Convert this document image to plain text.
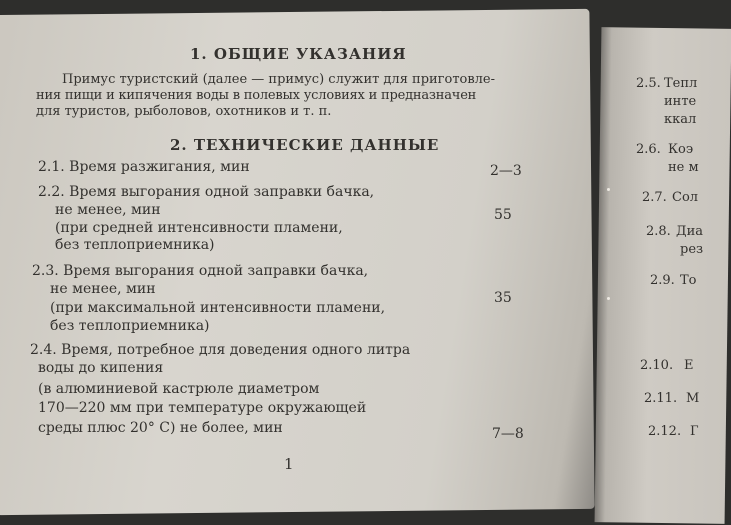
1. ОБЩИЕ УКАЗАНИЯ
Примус туристский (далее — примус) служит для приготовле-
ния пищи и кипячения воды в полевых условиях и предназначен
для туристов, рыболовов, охотников и т. п.
2. ТЕХНИЧЕСКИЕ ДАННЫЕ
2.1. Время разжигания, мин	2—3
2.2. Время выгорания одной заправки бачка,
не менее, мин
(при средней интенсивности пламени,
без теплоприемника)
55
2.3. Время выгорания одной заправки бачка,
не менее, мин
(при максимальной интенсивности пламени,
без теплоприемника)
35
2.4. Время, потребное для доведения одного литра
воды до кипения
(в алюминиевой кастрюле диаметром
170—220 мм при температуре окружающей
среды плюс 20° С) не более, мин	7—8
1
2.5. Тепл
инте
ккал
2.6. Коэ
не м
2.7. Сол
2.8. Диа
рез
2.9. То
2.10. Е
2.11. М
2.12. Г
